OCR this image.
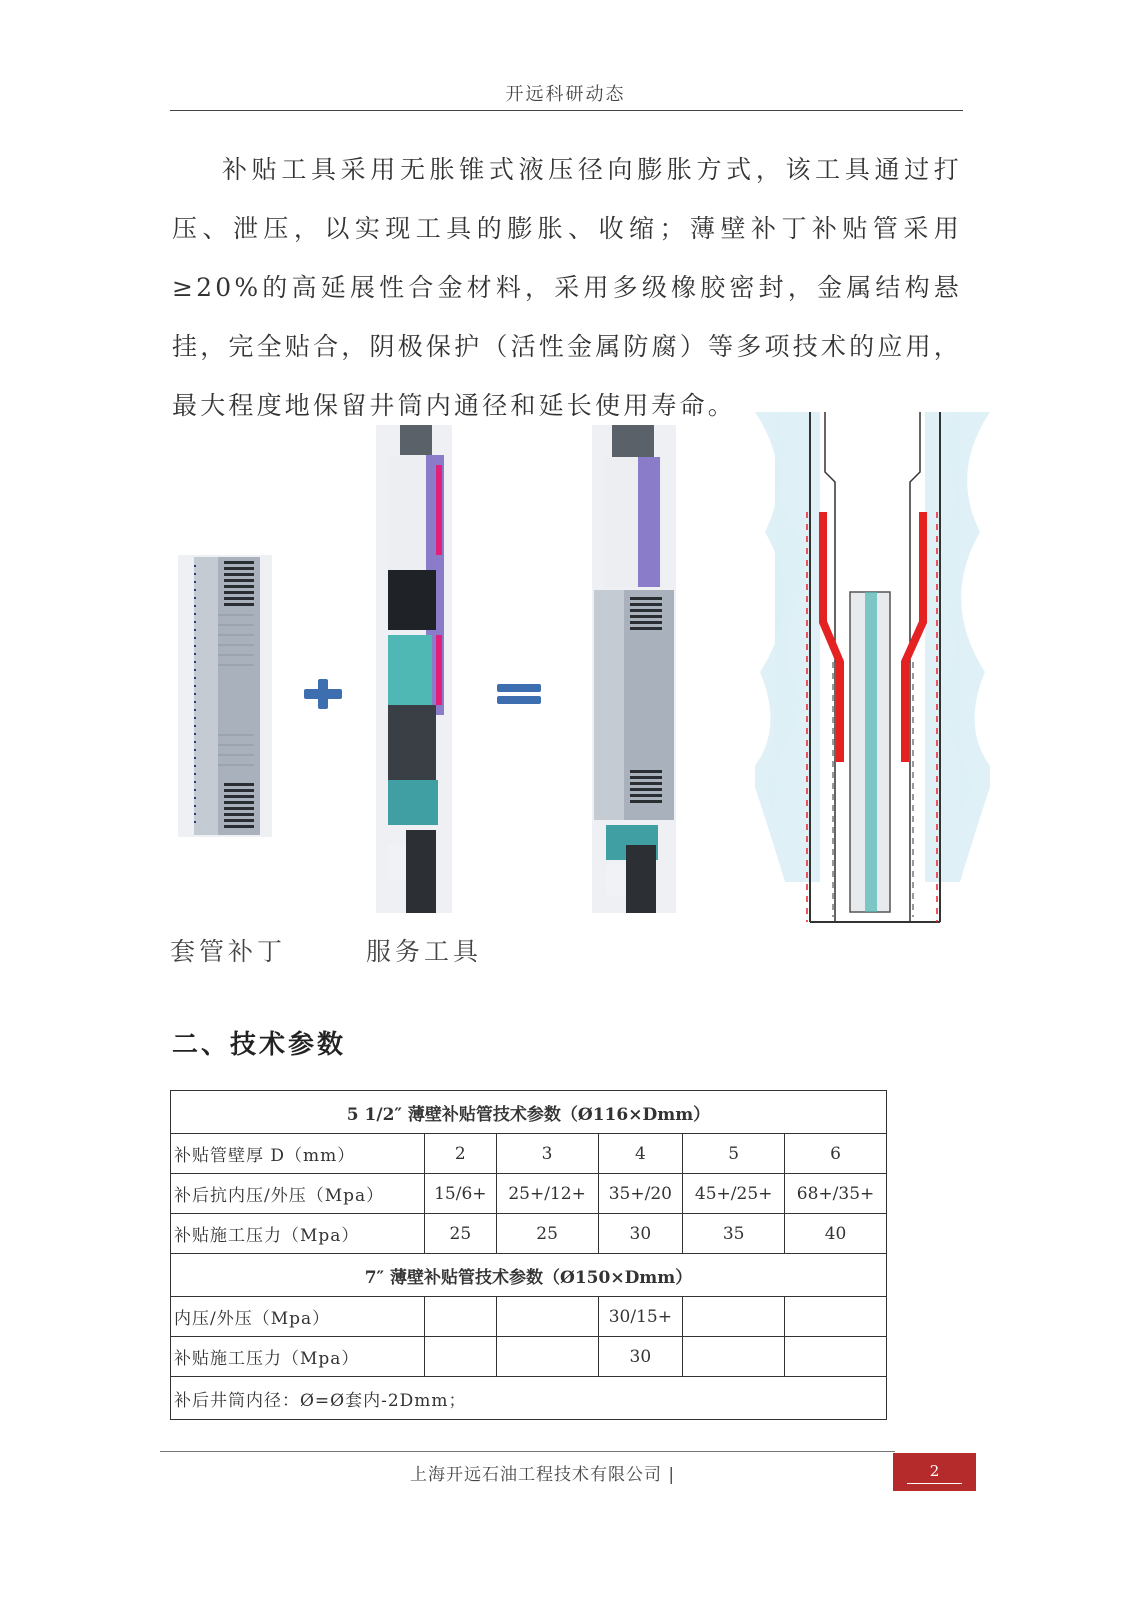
开远科研动态

补贴工具采用无胀锥式液压径向膨胀方式，该工具通过打压、泄压，以实现工具的膨胀、收缩；薄壁补丁补贴管采用≥20%的高延展性合金材料，采用多级橡胶密封，金属结构悬挂，完全贴合，阴极保护（活性金属防腐）等多项技术的应用，最大程度地保留井筒内通径和延长使用寿命。

套管补丁	服务工具
二、技术参数
5 1/2″ 薄壁补贴管技术参数（Ø116×Dmm）					
补贴管壁厚 D（mm）	2	3	4	5	6
补后抗内压/外压（Mpa）	15/6+	25+/12+	35+/20	45+/25+	68+/35+
补贴施工压力（Mpa）	25	25	30	35	40
7″ 薄壁补贴管技术参数（Ø150×Dmm）					
内压/外压（Mpa）			30/15+		
补贴施工压力（Mpa）			30		
补后井筒内径：Ø=Ø套内-2Dmm；					
上海开远石油工程技术有限公司 |	2
